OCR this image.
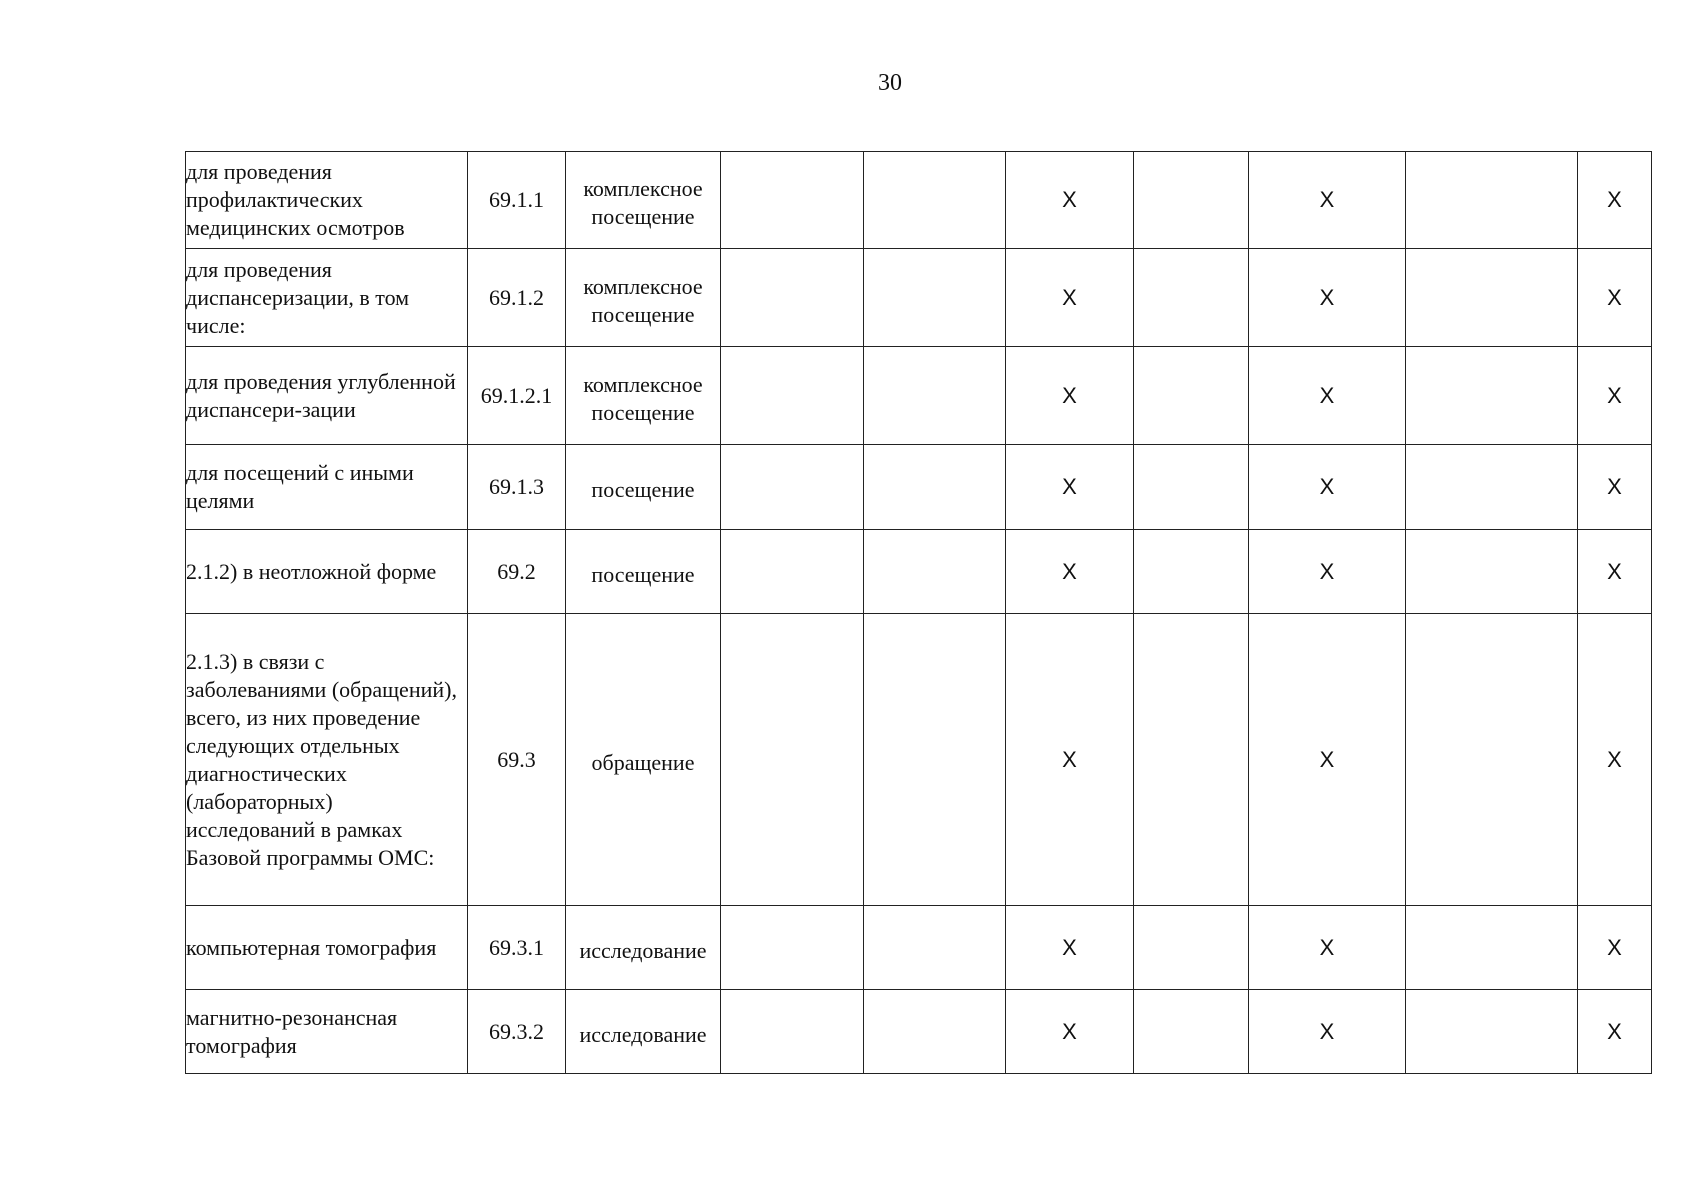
30
для проведения профилактических медицинских осмотров	69.1.1	комплексное посещение			X		X		X
для проведения диспансеризации, в том числе:	69.1.2	комплексное посещение			X		X		X
для проведения углубленной диспансери-зации	69.1.2.1	комплексное посещение			X		X		X
для посещений с иными целями	69.1.3	посещение			X		X		X
2.1.2) в неотложной форме	69.2	посещение			X		X		X
2.1.3) в связи с заболеваниями (обращений), всего, из них проведение следующих отдельных диагностических (лабораторных) исследований в рамках Базовой программы ОМС:	69.3	обращение			X		X		X
компьютерная томография	69.3.1	исследование			X		X		X
магнитно-резонансная томография	69.3.2	исследование			X		X		X
